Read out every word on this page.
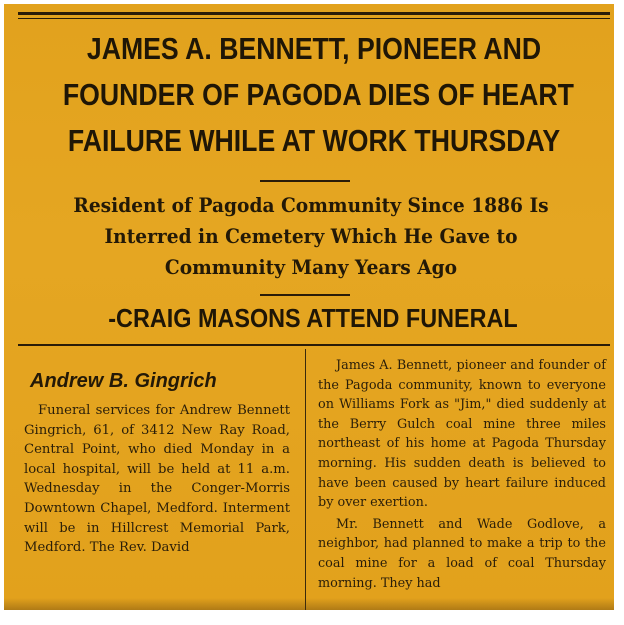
JAMES A. BENNETT, PIONEER AND
FOUNDER OF PAGODA DIES OF HEART
FAILURE WHILE AT WORK THURSDAY
Resident of Pagoda Community Since 1886 Is
Interred in Cemetery Which He Gave to
Community Many Years Ago
-CRAIG MASONS ATTEND FUNERAL
Andrew B. Gingrich

Funeral services for Andrew Bennett Gingrich, 61, of 3412 New Ray Road, Central Point, who died Monday in a local hospital, will be held at 11 a.m. Wednesday in the Conger-Morris Downtown Chapel, Medford. Interment will be in Hillcrest Memorial Park, Medford. The Rev. David

James A. Bennett, pioneer and founder of the Pagoda community, known to everyone on Williams Fork as "Jim," died suddenly at the Berry Gulch coal mine three miles northeast of his home at Pagoda Thursday morning. His sudden death is believed to have been caused by heart failure induced by over exertion.

Mr. Bennett and Wade Godlove, a neighbor, had planned to make a trip to the coal mine for a load of coal Thursday morning. They had
